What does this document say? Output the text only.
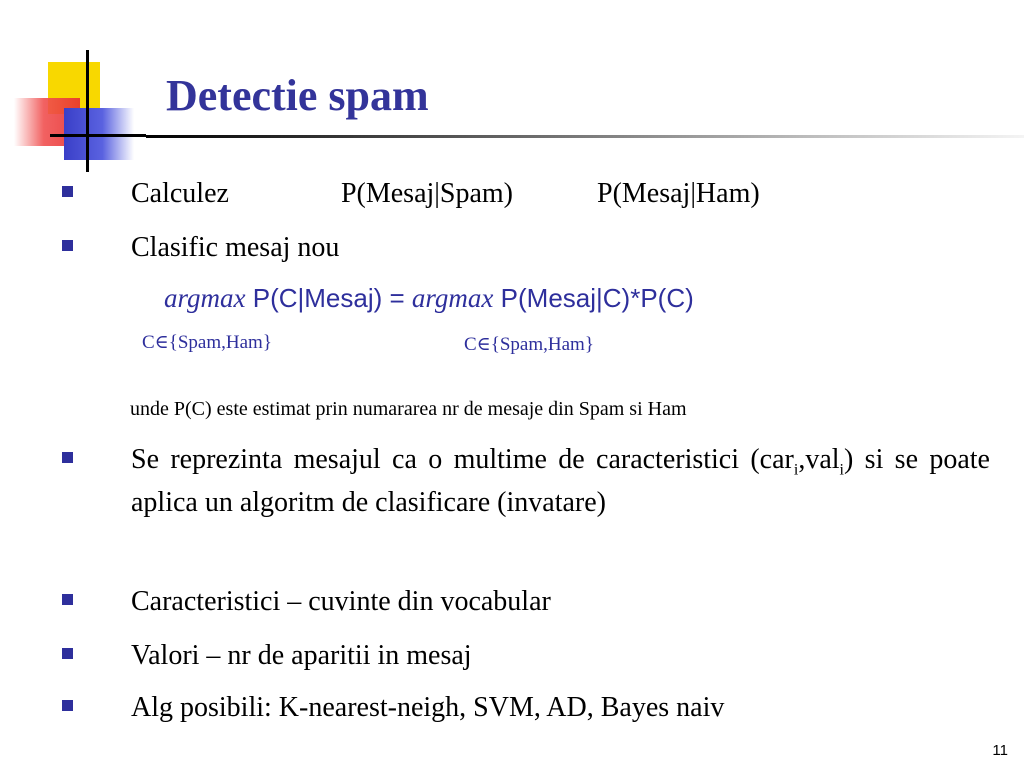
Detectie spam
Calculez	P(Mesaj|Spam)	P(Mesaj|Ham)
Clasific mesaj nou
argmax P(C|Mesaj) = argmax P(Mesaj|C)*P(C)
C∈{Spam,Ham}	C∈{Spam,Ham}
unde P(C) este estimat prin numararea nr de mesaje din Spam si Ham
Se reprezinta mesajul ca o multime de caracteristici (car$_i$,val$_i$) si se poate aplica un algoritm de clasificare (invatare)
Caracteristici – cuvinte din vocabular
Valori – nr de aparitii in mesaj
Alg posibili: K-nearest-neigh, SVM, AD, Bayes naiv
11
